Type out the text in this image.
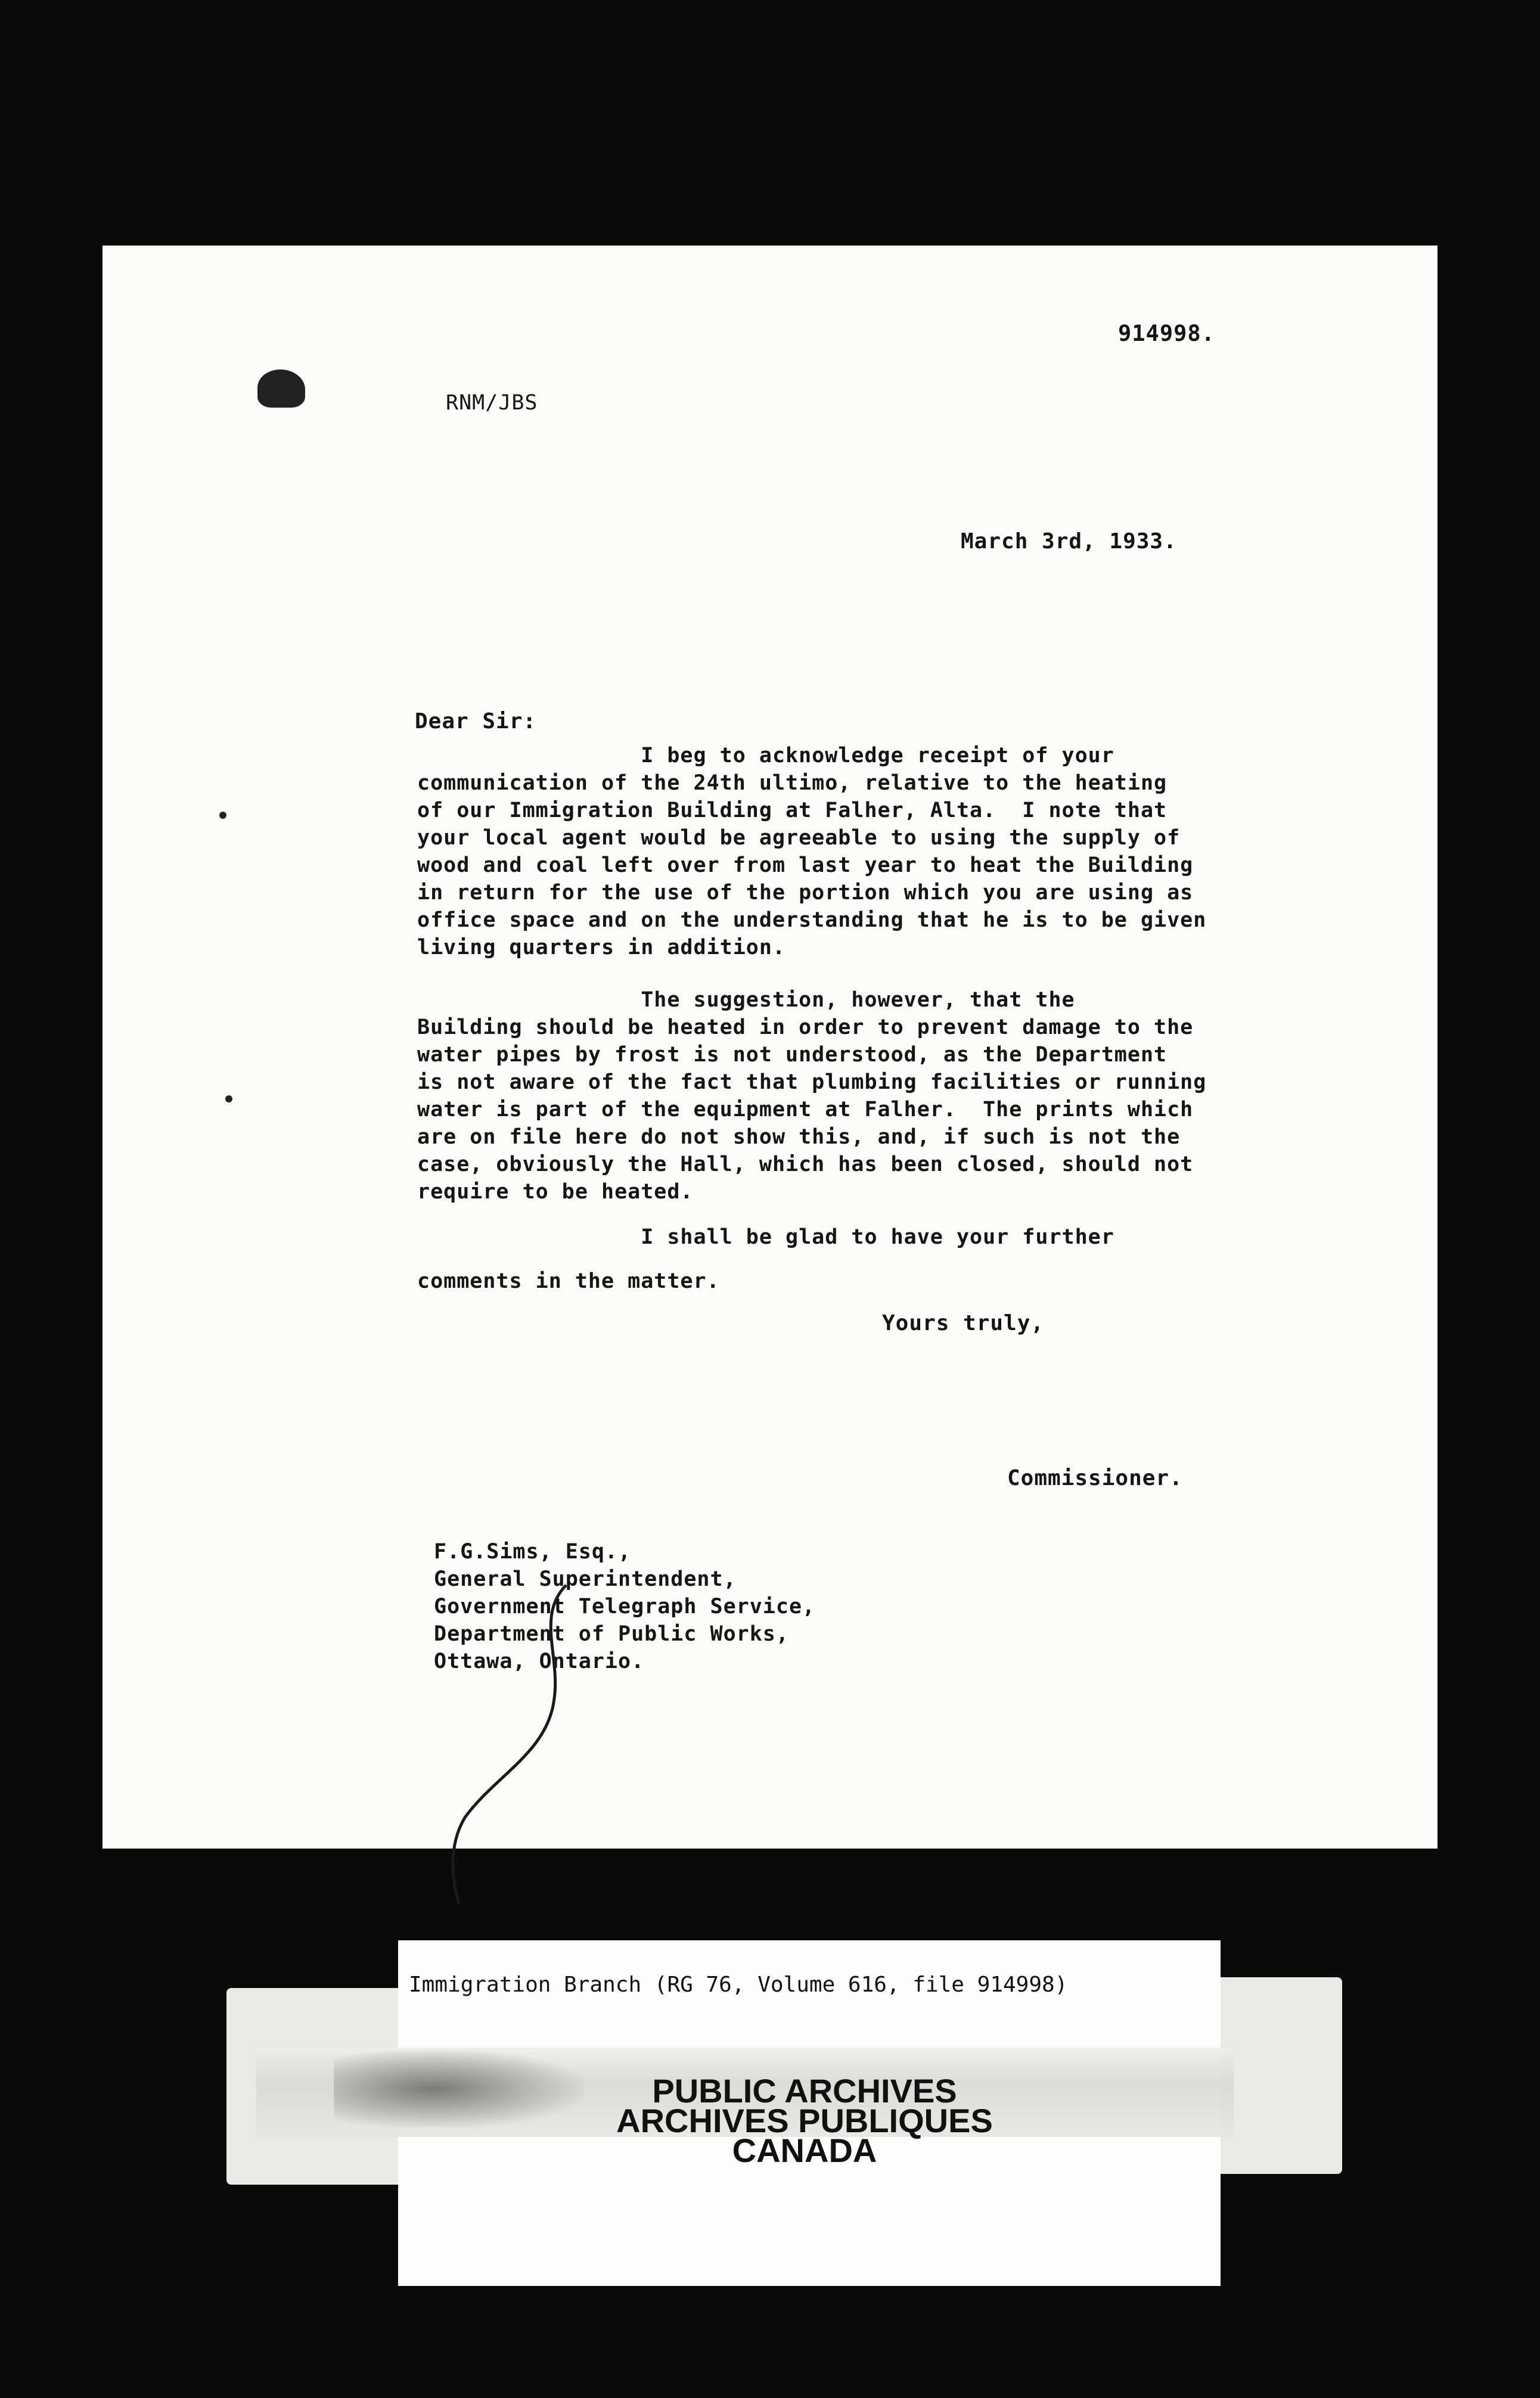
914998.
RNM/JBS
March 3rd, 1933.
Dear Sir:
I beg to acknowledge receipt of your
communication of the 24th ultimo, relative to the heating
of our Immigration Building at Falher, Alta.  I note that
your local agent would be agreeable to using the supply of
wood and coal left over from last year to heat the Building
in return for the use of the portion which you are using as
office space and on the understanding that he is to be given
living quarters in addition.
The suggestion, however, that the
Building should be heated in order to prevent damage to the
water pipes by frost is not understood, as the Department
is not aware of the fact that plumbing facilities or running
water is part of the equipment at Falher.  The prints which
are on file here do not show this, and, if such is not the
case, obviously the Hall, which has been closed, should not
require to be heated.
I shall be glad to have your further
comments in the matter.
Yours truly,
Commissioner.
F.G.Sims, Esq.,
General Superintendent,
Government Telegraph Service,
Department of Public Works,
Ottawa, Ontario.
Immigration Branch (RG 76, Volume 616, file 914998)
PUBLIC ARCHIVES
ARCHIVES PUBLIQUES
CANADA
